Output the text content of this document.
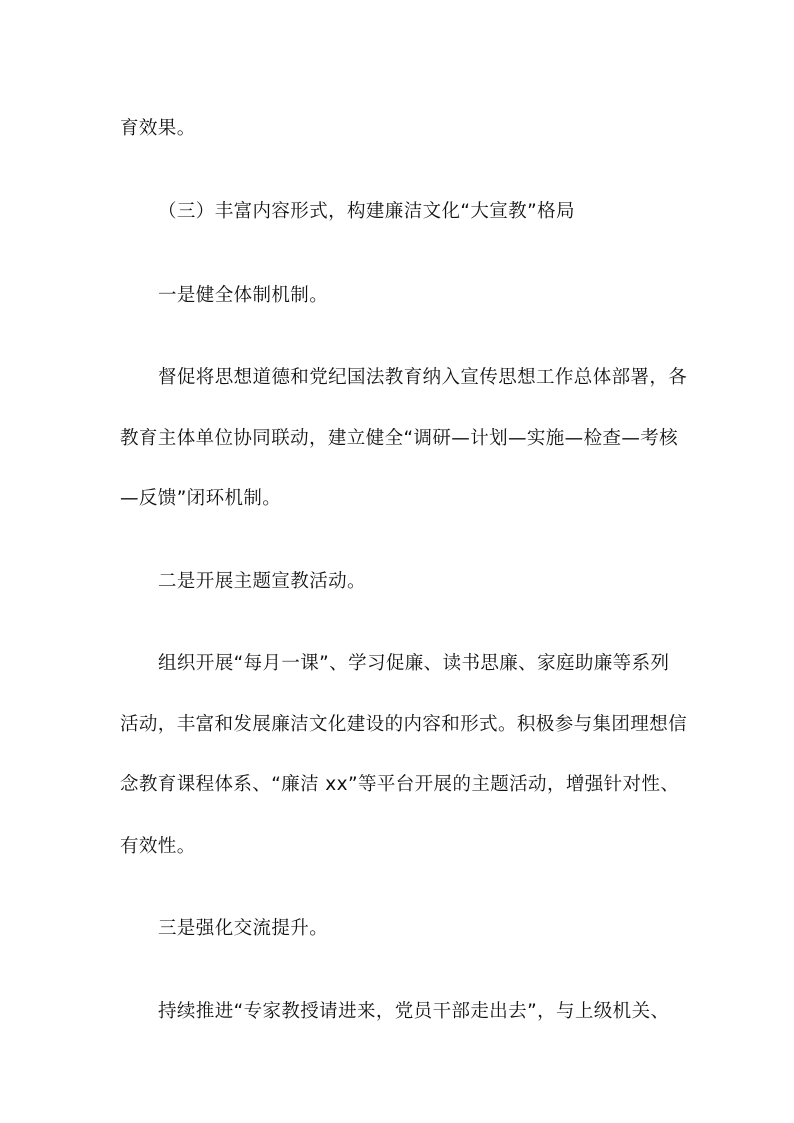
育效果。
（三）丰富内容形式，构建廉洁文化“大宣教”格局
一是健全体制机制。
督促将思想道德和党纪国法教育纳入宣传思想工作总体部署，各
教育主体单位协同联动，建立健全“调研—计划—实施—检查—考核
—反馈”闭环机制。
二是开展主题宣教活动。
组织开展“每月一课”、学习促廉、读书思廉、家庭助廉等系列
活动，丰富和发展廉洁文化建设的内容和形式。积极参与集团理想信
念教育课程体系、“廉洁 xx”等平台开展的主题活动，增强针对性、
有效性。
三是强化交流提升。
持续推进“专家教授请进来，党员干部走出去”，与上级机关、
